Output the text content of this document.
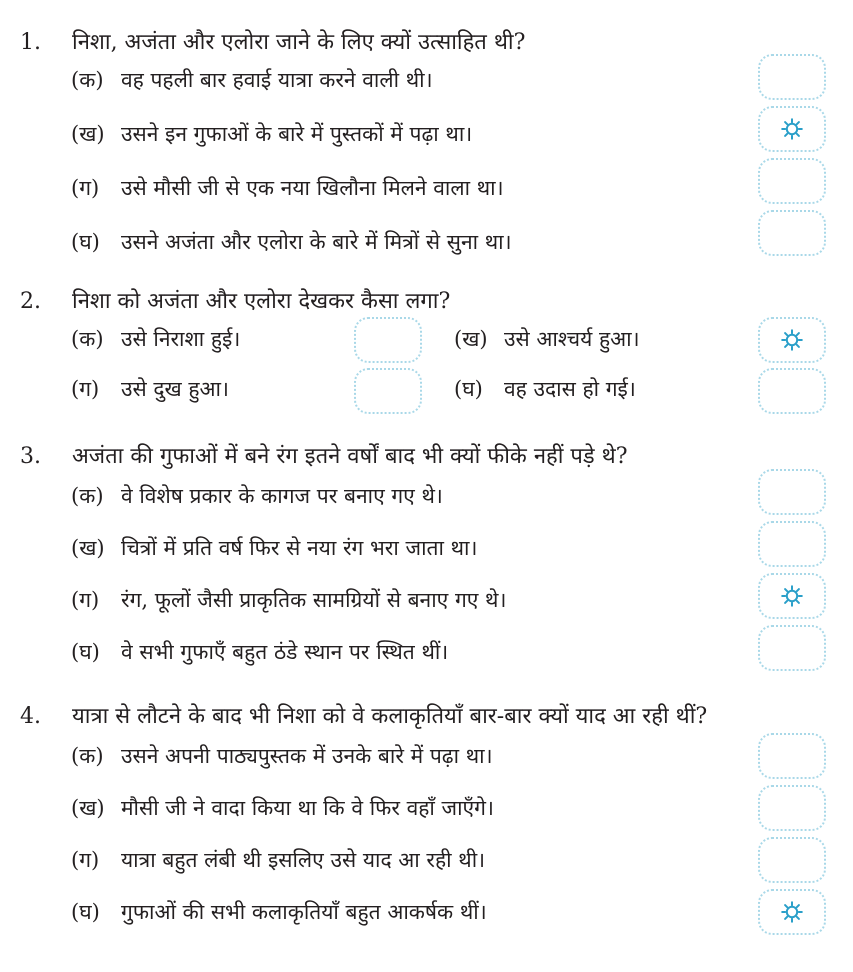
1. निशा, अजंता और एलोरा जाने के लिए क्यों उत्साहित थी?
(क) वह पहली बार हवाई यात्रा करने वाली थी।
(ख) उसने इन गुफाओं के बारे में पुस्तकों में पढ़ा था।
(ग) उसे मौसी जी से एक नया खिलौना मिलने वाला था।
(घ) उसने अजंता और एलोरा के बारे में मित्रों से सुना था।
2. निशा को अजंता और एलोरा देखकर कैसा लगा?
(क) उसे निराशा हुई।	(ख) उसे आश्चर्य हुआ।
(ग) उसे दुख हुआ।	(घ) वह उदास हो गई।
3. अजंता की गुफाओं में बने रंग इतने वर्षों बाद भी क्यों फीके नहीं पड़े थे?
(क) वे विशेष प्रकार के कागज पर बनाए गए थे।
(ख) चित्रों में प्रति वर्ष फिर से नया रंग भरा जाता था।
(ग) रंग, फूलों जैसी प्राकृतिक सामग्रियों से बनाए गए थे।
(घ) वे सभी गुफाएँ बहुत ठंडे स्थान पर स्थित थीं।
4. यात्रा से लौटने के बाद भी निशा को वे कलाकृतियाँ बार-बार क्यों याद आ रही थीं?
(क) उसने अपनी पाठ्यपुस्तक में उनके बारे में पढ़ा था।
(ख) मौसी जी ने वादा किया था कि वे फिर वहाँ जाएँगे।
(ग) यात्रा बहुत लंबी थी इसलिए उसे याद आ रही थी।
(घ) गुफाओं की सभी कलाकृतियाँ बहुत आकर्षक थीं।
